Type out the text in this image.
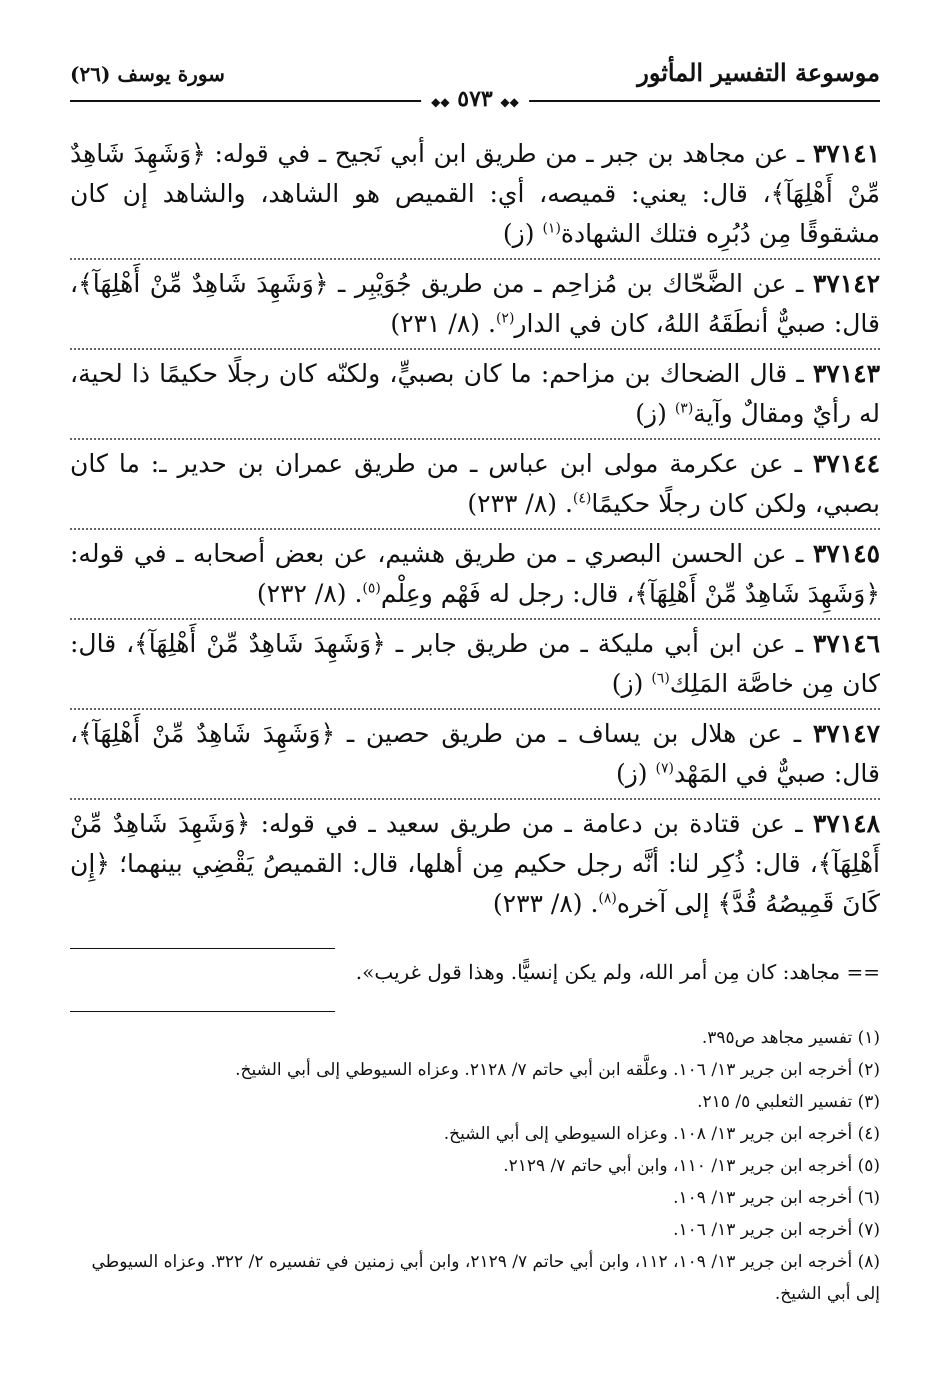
موسوعة التفسير المأثور
سورة يوسف (٢٦)
◆◆ ٥٧٣ ◆◆
٣٧١٤١ ـ عن مجاهد بن جبر ـ من طريق ابن أبي نَجيح ـ في قوله: ﴿وَشَهِدَ شَاهِدٌ مِّنْ أَهْلِهَآ﴾، قال: يعني: قميصه، أي: القميص هو الشاهد، والشاهد إن كان مشقوقًا مِن دُبُرِه فتلك الشهادة$^{(١)}$ (ز)
٣٧١٤٢ ـ عن الضَّحّاك بن مُزاحِم ـ من طريق جُوَيْبِر ـ ﴿وَشَهِدَ شَاهِدٌ مِّنْ أَهْلِهَآ﴾، قال: صبيٌّ أنطَقَهُ اللهُ، كان في الدار$^{(٢)}$. (٨/ ٢٣١)
٣٧١٤٣ ـ قال الضحاك بن مزاحم: ما كان بصبيٍّ، ولكنّه كان رجلًا حكيمًا ذا لحية، له رأيٌ ومقالٌ وآية$^{(٣)}$ (ز)
٣٧١٤٤ ـ عن عكرمة مولى ابن عباس ـ من طريق عمران بن حدير ـ: ما كان بصبي، ولكن كان رجلًا حكيمًا$^{(٤)}$. (٨/ ٢٣٣)
٣٧١٤٥ ـ عن الحسن البصري ـ من طريق هشيم، عن بعض أصحابه ـ في قوله: ﴿وَشَهِدَ شَاهِدٌ مِّنْ أَهْلِهَآ﴾، قال: رجل له فَهْم وعِلْم$^{(٥)}$. (٨/ ٢٣٢)
٣٧١٤٦ ـ عن ابن أبي مليكة ـ من طريق جابر ـ ﴿وَشَهِدَ شَاهِدٌ مِّنْ أَهْلِهَآ﴾، قال: كان مِن خاصَّة المَلِك$^{(٦)}$ (ز)
٣٧١٤٧ ـ عن هلال بن يساف ـ من طريق حصين ـ ﴿وَشَهِدَ شَاهِدٌ مِّنْ أَهْلِهَآ﴾، قال: صبيٌّ في المَهْد$^{(٧)}$ (ز)
٣٧١٤٨ ـ عن قتادة بن دعامة ـ من طريق سعيد ـ في قوله: ﴿وَشَهِدَ شَاهِدٌ مِّنْ أَهْلِهَآ﴾، قال: ذُكِر لنا: أنَّه رجل حكيم مِن أهلها، قال: القميصُ يَقْضِي بينهما؛ ﴿إِن كَانَ قَمِيصُهُ قُدَّ﴾ إلى آخره$^{(٨)}$. (٨/ ٢٣٣)
== مجاهد: كان مِن أمر الله، ولم يكن إنسيًّا. وهذا قول غريب».
(١) تفسير مجاهد ص٣٩٥.
(٢) أخرجه ابن جرير ١٣/ ١٠٦. وعلَّقه ابن أبي حاتم ٧/ ٢١٢٨. وعزاه السيوطي إلى أبي الشيخ.
(٣) تفسير الثعلبي ٥/ ٢١٥.
(٤) أخرجه ابن جرير ١٣/ ١٠٨. وعزاه السيوطي إلى أبي الشيخ.
(٥) أخرجه ابن جرير ١٣/ ١١٠، وابن أبي حاتم ٧/ ٢١٢٩.
(٦) أخرجه ابن جرير ١٣/ ١٠٩.
(٧) أخرجه ابن جرير ١٣/ ١٠٦.
(٨) أخرجه ابن جرير ١٣/ ١٠٩، ١١٢، وابن أبي حاتم ٧/ ٢١٢٩، وابن أبي زمنين في تفسيره ٢/ ٣٢٢. وعزاه السيوطي إلى أبي الشيخ.
